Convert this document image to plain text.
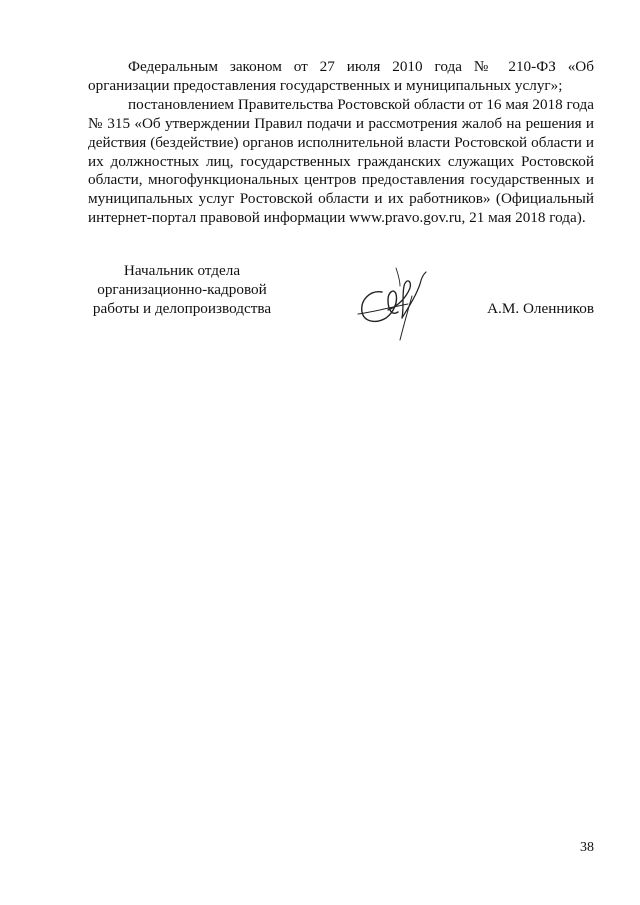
Федеральным законом от 27 июля 2010 года № 210-ФЗ «Об организации предоставления государственных и муниципальных услуг»;

постановлением Правительства Ростовской области от 16 мая 2018 года № 315 «Об утверждении Правил подачи и рассмотрения жалоб на решения и действия (бездействие) органов исполнительной власти Ростовской области и их должностных лиц, государственных гражданских служащих Ростовской области, многофункциональных центров предоставления государственных и муниципальных услуг Ростовской области и их работников» (Официальный интернет-портал правовой информации www.pravo.gov.ru, 21 мая 2018 года).

Начальник отдела
организационно-кадровой
работы и делопроизводства	А.М. Оленников
38
